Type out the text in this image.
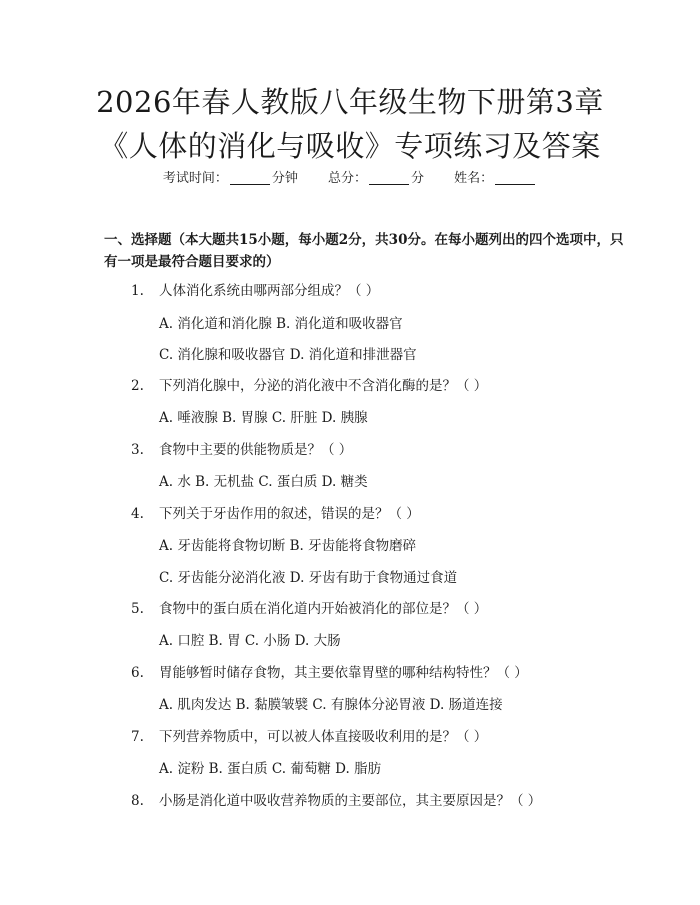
2026年春人教版八年级生物下册第3章《人体的消化与吸收》专项练习及答案
考试时间：	分钟 总分：	分 姓名：
一、选择题（本大题共15小题，每小题2分，共30分。在每小题列出的四个选项中，只有一项是最符合题目要求的）
1. 人体消化系统由哪两部分组成？（ ）
A. 消化道和消化腺 B. 消化道和吸收器官
C. 消化腺和吸收器官 D. 消化道和排泄器官
2. 下列消化腺中，分泌的消化液中不含消化酶的是？（ ）
A. 唾液腺 B. 胃腺 C. 肝脏 D. 胰腺
3. 食物中主要的供能物质是？（ ）
A. 水 B. 无机盐 C. 蛋白质 D. 糖类
4. 下列关于牙齿作用的叙述，错误的是？（ ）
A. 牙齿能将食物切断 B. 牙齿能将食物磨碎
C. 牙齿能分泌消化液 D. 牙齿有助于食物通过食道
5. 食物中的蛋白质在消化道内开始被消化的部位是？（ ）
A. 口腔 B. 胃 C. 小肠 D. 大肠
6. 胃能够暂时储存食物，其主要依靠胃壁的哪种结构特性？（ ）
A. 肌肉发达 B. 黏膜皱襞 C. 有腺体分泌胃液 D. 肠道连接
7. 下列营养物质中，可以被人体直接吸收利用的是？（ ）
A. 淀粉 B. 蛋白质 C. 葡萄糖 D. 脂肪
8. 小肠是消化道中吸收营养物质的主要部位，其主要原因是？（ ）
